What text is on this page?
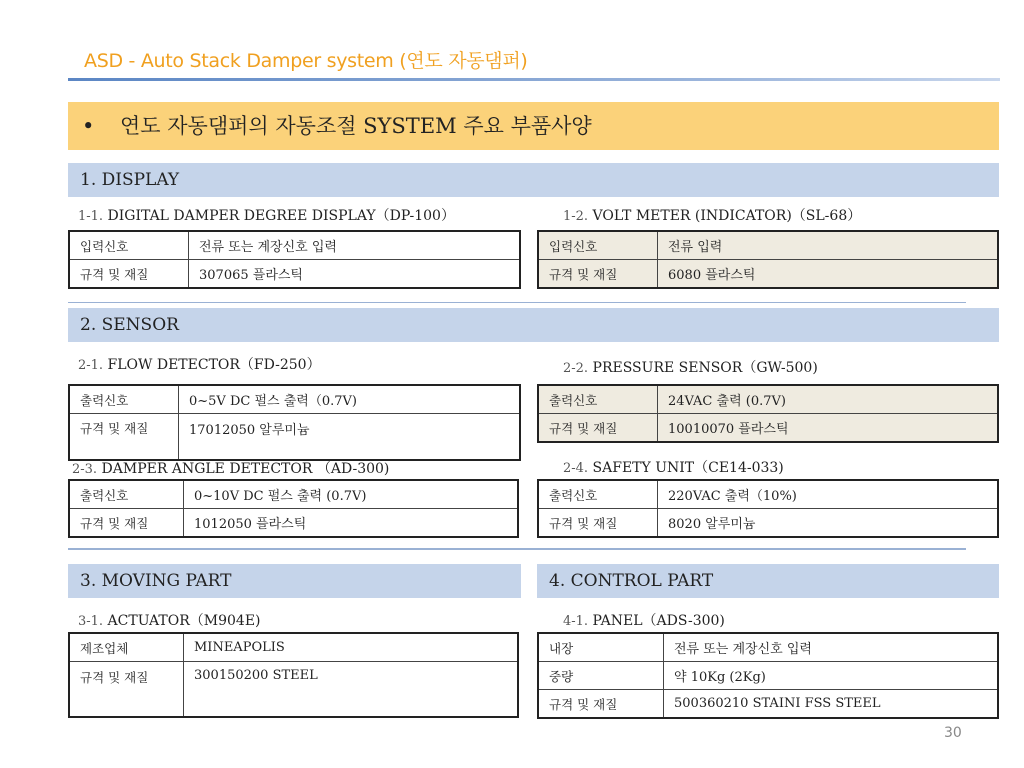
ASD - Auto Stack Damper system (연도 자동댐퍼)
• 연도 자동댐퍼의 자동조절 SYSTEM 주요 부품사양
1. DISPLAY
1-1. DIGITAL DAMPER DEGREE DISPLAY（DP-100）
입력신호	전류 또는 계장신호 입력
규격 및 재질	307065 플라스틱
1-2. VOLT METER (INDICATOR)（SL-68）
입력신호	전류 입력
규격 및 재질	6080 플라스틱
2. SENSOR
2-1. FLOW DETECTOR（FD-250）
출력신호	0~5V DC 펄스 출력（0.7V)
규격 및 재질	17012050 알루미늄
2-2. PRESSURE SENSOR（GW-500)
출력신호	24VAC 출력 (0.7V)
규격 및 재질	10010070 플라스틱
2-3. DAMPER ANGLE DETECTOR （AD-300)
출력신호	0~10V DC 펄스 출력 (0.7V)
규격 및 재질	1012050 플라스틱
2-4. SAFETY UNIT（CE14-033)
출력신호	220VAC 출력（10%)
규격 및 재질	8020 알루미늄
3. MOVING PART
3-1. ACTUATOR（M904E)
제조업체	MINEAPOLIS
규격 및 재질	300150200 STEEL
4. CONTROL PART
4-1. PANEL（ADS-300)
내장	전류 또는 계장신호 입력
중량	약 10Kg (2Kg)
규격 및 재질	500360210 STAINI FSS STEEL
30
